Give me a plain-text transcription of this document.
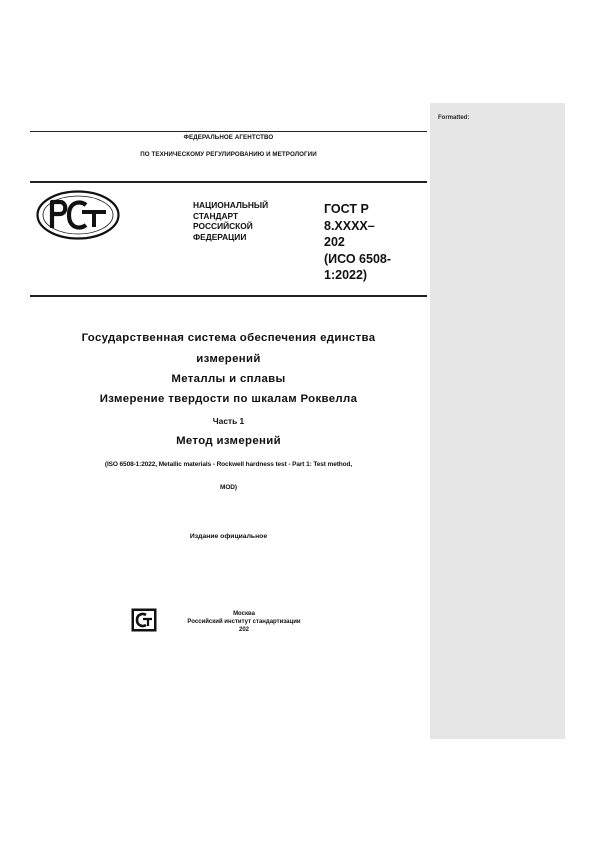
Formatted:
ФЕДЕРАЛЬНОЕ АГЕНТСТВО
ПО ТЕХНИЧЕСКОМУ РЕГУЛИРОВАНИЮ И МЕТРОЛОГИИ
НАЦИОНАЛЬНЫЙ
СТАНДАРТ
РОССИЙСКОЙ
ФЕДЕРАЦИИ
ГОСТ Р
8.XXXX–
202
(ИСО 6508-
1:2022)
Государственная система обеспечения единства
измерений
Металлы и сплавы
Измерение твердости по шкалам Роквелла
Часть 1
Метод измерений
(ISO 6508-1:2022, Metallic materials - Rockwell hardness test - Part 1: Test method,
MOD)
Издание официальное
Москва
Российский институт стандартизации
202
